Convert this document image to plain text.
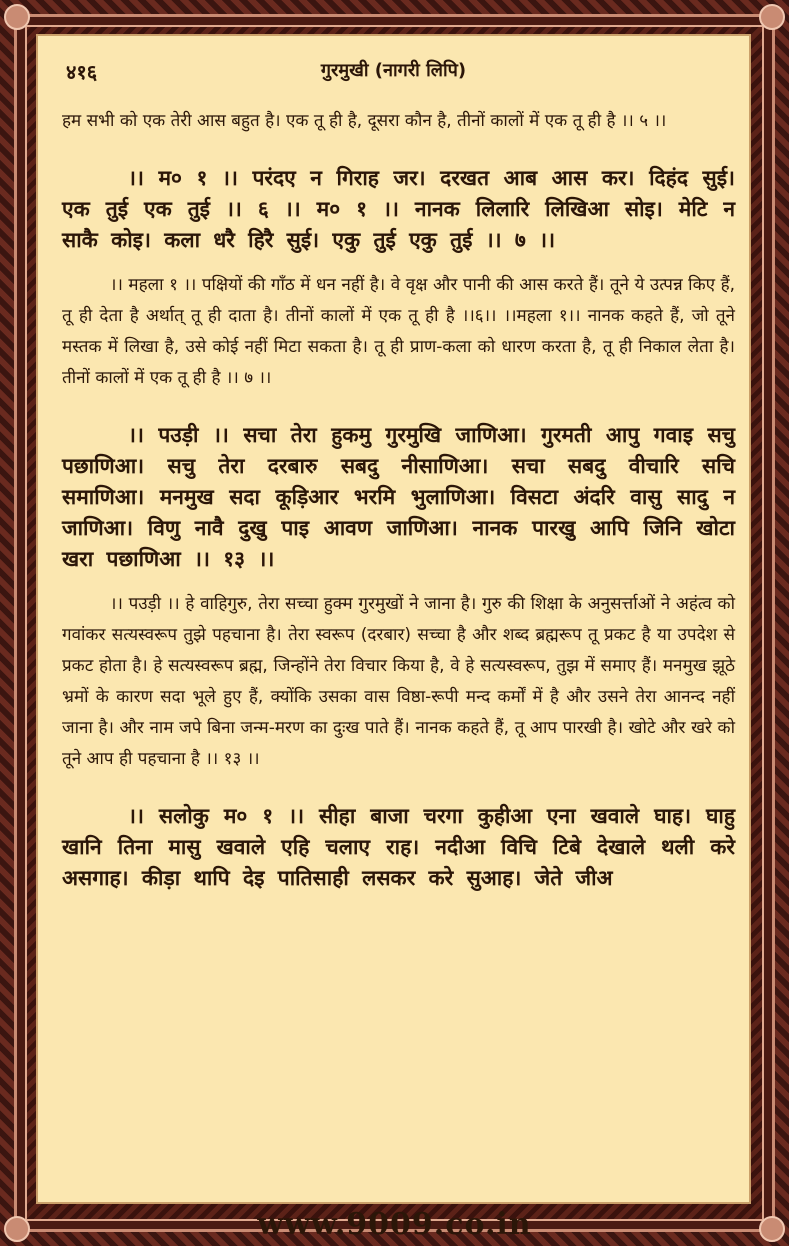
४१६	गुरमुखी (नागरी लिपि)

हम सभी को एक तेरी आस बहुत है। एक तू ही है, दूसरा कौन है, तीनों कालों में एक तू ही है ।। ५ ।।

।। म० १ ।। परंदए न गिराह जर। दरखत आब आस कर। दिहंद सुई। एक तुई एक तुई ।। ६ ।। म० १ ।। नानक लिलारि लिखिआ सोइ। मेटि न साकै कोइ। कला धरै हिरै सुई। एकु तुई एकु तुई ।। ७ ।।

।। महला १ ।। पक्षियों की गाँठ में धन नहीं है। वे वृक्ष और पानी की आस करते हैं। तूने ये उत्पन्न किए हैं, तू ही देता है अर्थात् तू ही दाता है। तीनों कालों में एक तू ही है ।।६।। ।।महला १।। नानक कहते हैं, जो तूने मस्तक में लिखा है, उसे कोई नहीं मिटा सकता है। तू ही प्राण-कला को धारण करता है, तू ही निकाल लेता है। तीनों कालों में एक तू ही है ।। ७ ।।

।। पउड़ी ।। सचा तेरा हुकमु गुरमुखि जाणिआ। गुरमती आपु गवाइ सचु पछाणिआ। सचु तेरा दरबारु सबदु नीसाणिआ। सचा सबदु वीचारि सचि समाणिआ। मनमुख सदा कूड़िआर भरमि भुलाणिआ। विसटा अंदरि वासु सादु न जाणिआ। विणु नावै दुखु पाइ आवण जाणिआ। नानक पारखु आपि जिनि खोटा खरा पछाणिआ ।। १३ ।।

।। पउड़ी ।। हे वाहिगुरु, तेरा सच्चा हुक्म गुरमुखों ने जाना है। गुरु की शिक्षा के अनुसर्त्ताओं ने अहंत्व को गवांकर सत्यस्वरूप तुझे पहचाना है। तेरा स्वरूप (दरबार) सच्चा है और शब्द ब्रह्मरूप तू प्रकट है या उपदेश से प्रकट होता है। हे सत्यस्वरूप ब्रह्म, जिन्होंने तेरा विचार किया है, वे हे सत्यस्वरूप, तुझ में समाए हैं। मनमुख झूठे भ्रमों के कारण सदा भूले हुए हैं, क्योंकि उसका वास विष्ठा-रूपी मन्द कर्मों में है और उसने तेरा आनन्द नहीं जाना है। और नाम जपे बिना जन्म-मरण का दुःख पाते हैं। नानक कहते हैं, तू आप पारखी है। खोटे और खरे को तूने आप ही पहचाना है ।। १३ ।।

।। सलोकु म० १ ।। सीहा बाजा चरगा कुहीआ एना खवाले घाह। घाहु खानि तिना मासु खवाले एहि चलाए राह। नदीआ विचि टिबे देखाले थली करे असगाह। कीड़ा थापि देइ पातिसाही लसकर करे सुआह। जेते जीअ

www.9009.co.in
